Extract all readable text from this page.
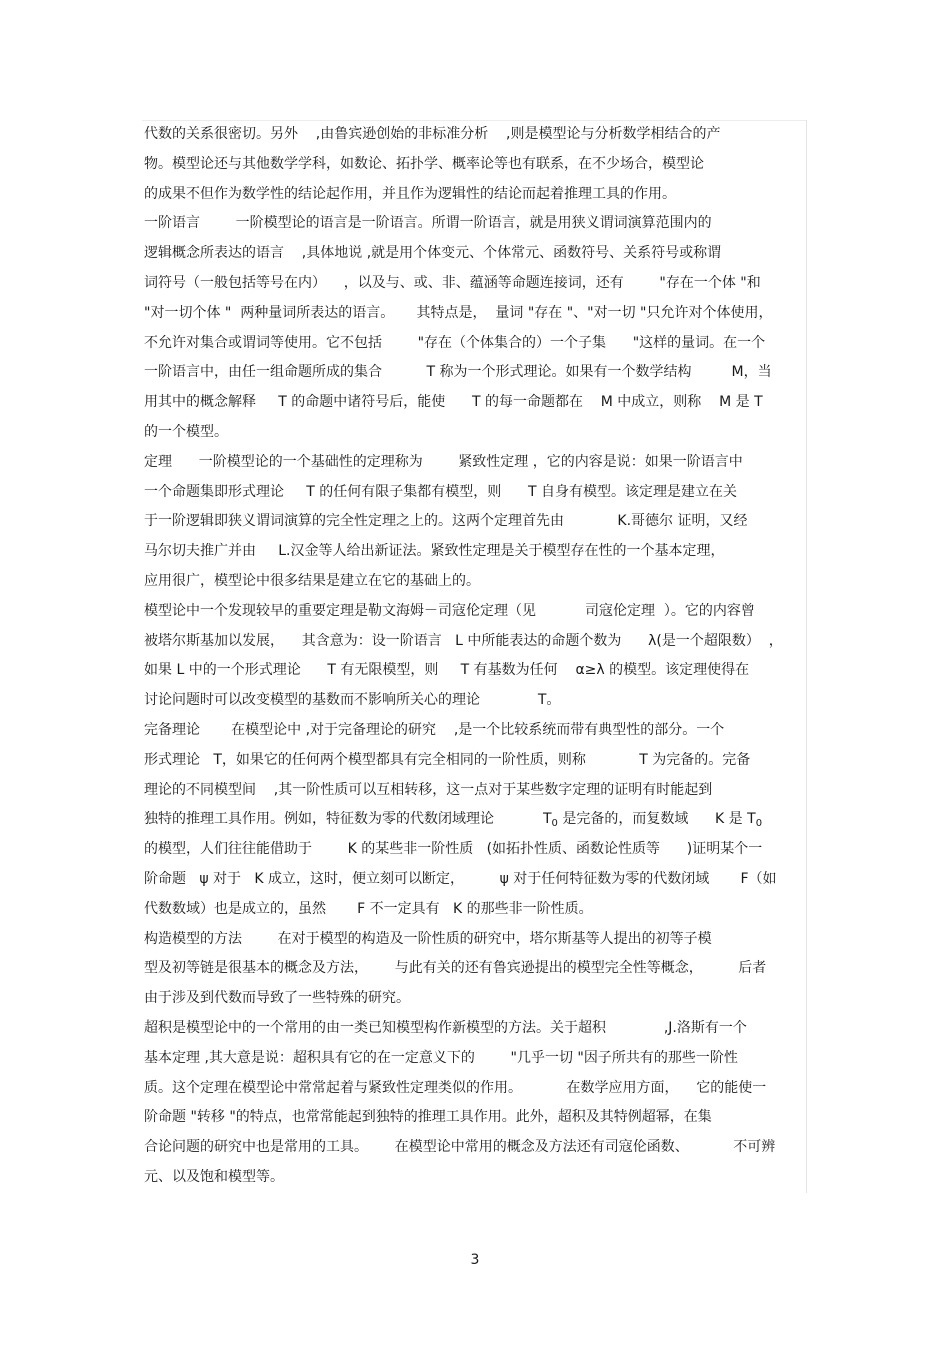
代数的关系很密切。另外    ,由鲁宾逊创始的非标准分析    ,则是模型论与分析数学相结合的产
物。模型论还与其他数学学科，如数论、拓扑学、概率论等也有联系，在不少场合，模型论
的成果不但作为数学性的结论起作用，并且作为逻辑性的结论而起着推理工具的作用。
一阶语言        一阶模型论的语言是一阶语言。所谓一阶语言，就是用狭义谓词演算范围内的
逻辑概念所表达的语言    ,具体地说 ,就是用个体变元、个体常元、函数符号、关系符号或称谓
词符号（一般包括等号在内）    ，以及与、或、非、蕴涵等命题连接词，还有        "存在一个体 "和
"对一切个体 "  两种量词所表达的语言。     其特点是，  量词 "存在 "、"对一切 "只允许对个体使用，
不允许对集合或谓词等使用。它不包括        "存在（个体集合的）一个子集      "这样的量词。在一个
一阶语言中，由任一组命题所成的集合          T 称为一个形式理论。如果有一个数学结构         M，当
用其中的概念解释     T 的命题中诸符号后，能使      T 的每一命题都在    M 中成立，则称    M 是 T
的一个模型。
定理      一阶模型论的一个基础性的定理称为        紧致性定理 ，它的内容是说：如果一阶语言中
一个命题集即形式理论     T 的任何有限子集都有模型，则      T 自身有模型。该定理是建立在关
于一阶逻辑即狭义谓词演算的完全性定理之上的。这两个定理首先由            K.哥德尔 证明，又经
马尔切夫推广并由     L.汉金等人给出新证法。紧致性定理是关于模型存在性的一个基本定理，
应用很广，模型论中很多结果是建立在它的基础上的。
模型论中一个发现较早的重要定理是勒文海姆－司寇伦定理（见           司寇伦定理  ）。它的内容曾
被塔尔斯基加以发展，    其含意为：设一阶语言   L 中所能表达的命题个数为      λ(是一个超限数）  ，
如果 L 中的一个形式理论      T 有无限模型，则     T 有基数为任何    α≥λ 的模型。该定理使得在
讨论问题时可以改变模型的基数而不影响所关心的理论             T。
完备理论       在模型论中 ,对于完备理论的研究    ,是一个比较系统而带有典型性的部分。一个
形式理论   T，如果它的任何两个模型都具有完全相同的一阶性质，则称            T 为完备的。完备
理论的不同模型间    ,其一阶性质可以互相转移，这一点对于某些数字定理的证明有时能起到
独特的推理工具作用。例如，特征数为零的代数闭域理论           $T_0$ 是完备的，而复数域      K 是 $T_0$
的模型，人们往往能借助于        K 的某些非一阶性质   (如拓扑性质、函数论性质等      )证明某个一
阶命题   ψ 对于   K 成立，这时，便立刻可以断定，        ψ 对于任何特征数为零的代数闭域       F（如
代数数域）也是成立的，虽然       F 不一定具有   K 的那些非一阶性质。
构造模型的方法        在对于模型的构造及一阶性质的研究中，塔尔斯基等人提出的初等子模
型及初等链是很基本的概念及方法，      与此有关的还有鲁宾逊提出的模型完全性等概念，        后者
由于涉及到代数而导致了一些特殊的研究。
超积是模型论中的一个常用的由一类已知模型构作新模型的方法。关于超积             ,J.洛斯有一个
基本定理 ,其大意是说：超积具有它的在一定意义下的        "几乎一切 "因子所共有的那些一阶性
质。这个定理在模型论中常常起着与紧致性定理类似的作用。          在数学应用方面，    它的能使一
阶命题 "转移 "的特点，也常常能起到独特的推理工具作用。此外，超积及其特例超幂，在集
合论问题的研究中也是常用的工具。      在模型论中常用的概念及方法还有司寇伦函数、          不可辨
元、以及饱和模型等。
3
